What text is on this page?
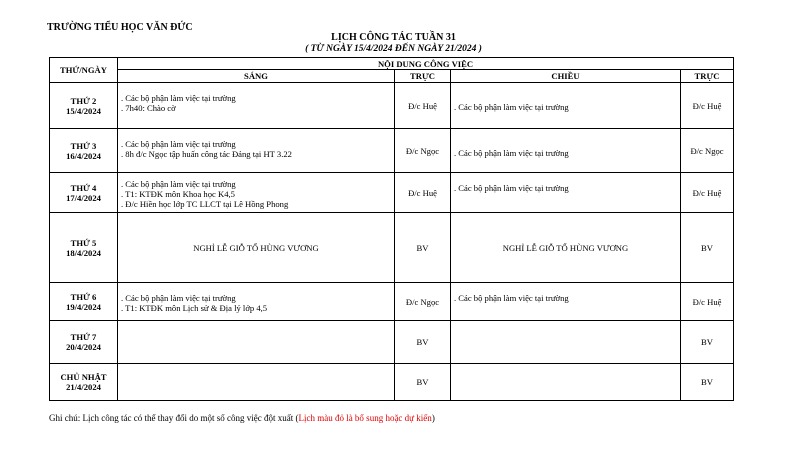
TRƯỜNG TIỂU HỌC VĂN ĐỨC
LỊCH CÔNG TÁC TUẦN 31
( TỪ NGÀY 15/4/2024 ĐẾN NGÀY 21/2024 )
THỨ/NGÀY	NỘI DUNG CÔNG VIỆC			
	SÁNG	TRỰC	CHIỀU	TRỰC

THỨ 2
15/4/2024	. Các bộ phận làm việc tại trường
. 7h40: Chào cờ	Đ/c Huệ	. Các bộ phận làm việc tại trường	Đ/c Huệ

THỨ 3
16/4/2024	. Các bộ phận làm việc tại trường
. 8h đ/c Ngọc tập huấn công tác Đảng tại HT 3.22	Đ/c Ngọc	. Các bộ phận làm việc tại trường	Đ/c Ngọc

THỨ 4
17/4/2024	. Các bộ phận làm việc tại trường
. T1: KTĐK môn Khoa học K4,5
. Đ/c Hiền học lớp TC LLCT tại Lê Hồng Phong	Đ/c Huệ	. Các bộ phận làm việc tại trường	Đ/c Huệ

THỨ 5
18/4/2024	NGHỈ LỄ GIỖ TỔ HÙNG VƯƠNG	BV	NGHỈ LỄ GIỖ TỔ HÙNG VƯƠNG	BV

THỨ 6
19/4/2024	. Các bộ phận làm việc tại trường
. T1: KTĐK môn Lịch sử & Địa lý lớp 4,5	Đ/c Ngọc	. Các bộ phận làm việc tại trường	Đ/c Huệ

THỨ 7
20/4/2024		BV		BV

CHỦ NHẬT
21/4/2024		BV		BV
Ghi chú: Lịch công tác có thể thay đổi do một số công việc đột xuất (Lịch màu đỏ là bổ sung hoặc dự kiến)
